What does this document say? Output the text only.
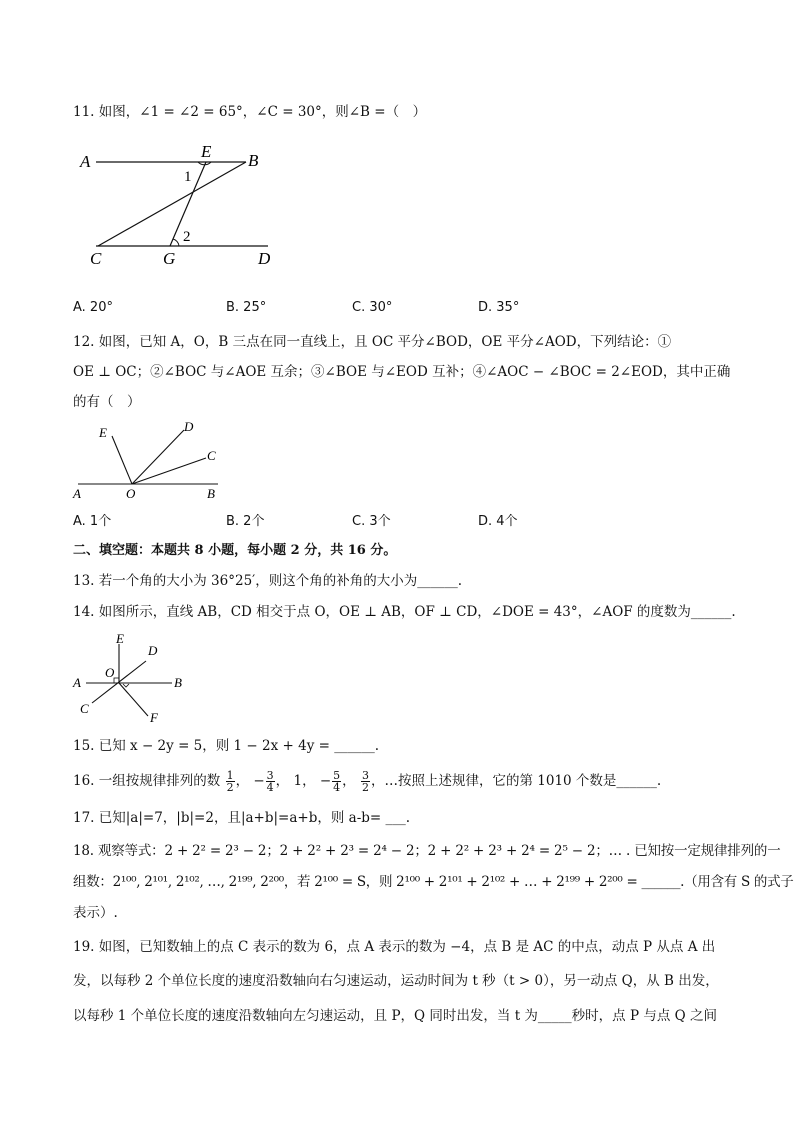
11. 如图，∠1 = ∠2 = 65°，∠C = 30°，则∠B =（　）
A
E B
1
2
C	G	D
A. 20°	B. 25°	C. 30°	D. 35°
12. 如图，已知 A，O，B 三点在同一直线上，且 OC 平分∠BOD，OE 平分∠AOD，下列结论：①
OE ⊥ OC；②∠BOC 与∠AOE 互余；③∠BOE 与∠EOD 互补；④∠AOC − ∠BOC = 2∠EOD，其中正确
的有（　）
E	D
C
A	O	B
A. 1个	B. 2个	C. 3个	D. 4个
二、填空题：本题共 8 小题，每小题 2 分，共 16 分。
13. 若一个角的大小为 36°25′，则这个角的补角的大小为______.
14. 如图所示，直线 AB，CD 相交于点 O，OE ⊥ AB，OF ⊥ CD，∠DOE = 43°，∠AOF 的度数为______.
E
D
O
A	B
C
F
15. 已知 x − 2y = 5，则 1 − 2x + 4y = ______.
16. 一组按规律排列的数 $\frac{1}{2}$ ， − $\frac{3}{4}$ ， 1， − $\frac{5}{4}$ ， $\frac{3}{2}$ ，…按照上述规律，它的第 1010 个数是______.
17. 已知|a|=7，|b|=2，且|a+b|=a+b，则 a-b= ___.
18. 观察等式：2 + 2² = 2³ − 2；2 + 2² + 2³ = 2⁴ − 2；2 + 2² + 2³ + 2⁴ = 2⁵ − 2；… . 已知按一定规律排列的一
组数：2¹⁰⁰, 2¹⁰¹, 2¹⁰², …, 2¹⁹⁹, 2²⁰⁰，若 2¹⁰⁰ = S，则 2¹⁰⁰ + 2¹⁰¹ + 2¹⁰² + … + 2¹⁹⁹ + 2²⁰⁰ = ______.（用含有 S 的式子
表示）.
19. 如图，已知数轴上的点 C 表示的数为 6，点 A 表示的数为 −4，点 B 是 AC 的中点，动点 P 从点 A 出
发，以每秒 2 个单位长度的速度沿数轴向右匀速运动，运动时间为 t 秒（t > 0），另一动点 Q，从 B 出发，
以每秒 1 个单位长度的速度沿数轴向左匀速运动，且 P，Q 同时出发，当 t 为_____秒时，点 P 与点 Q 之间
